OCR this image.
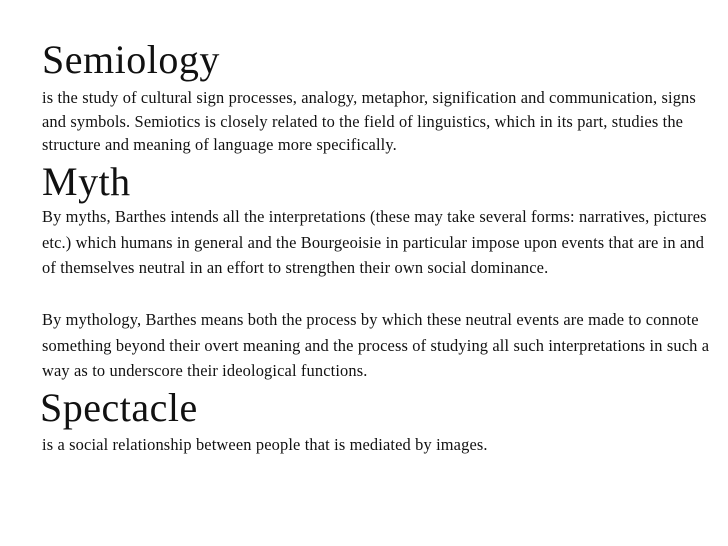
Semiology

is the study of cultural sign processes, analogy, metaphor, signification and communication, signs and symbols. Semiotics is closely related to the field of linguistics, which in its part, studies the structure and meaning of language more specifically.

Myth

By myths, Barthes intends all the interpretations (these may take several forms: narratives, pictures etc.) which humans in general and the Bourgeoisie in particular impose upon events that are in and of themselves neutral in an effort to strengthen their own social dominance.

By mythology, Barthes means both the process by which these neutral events are made to connote something beyond their overt meaning and the process of studying all such interpretations in such a way as to underscore their ideological functions.

Spectacle

is a social relationship between people that is mediated by images.
